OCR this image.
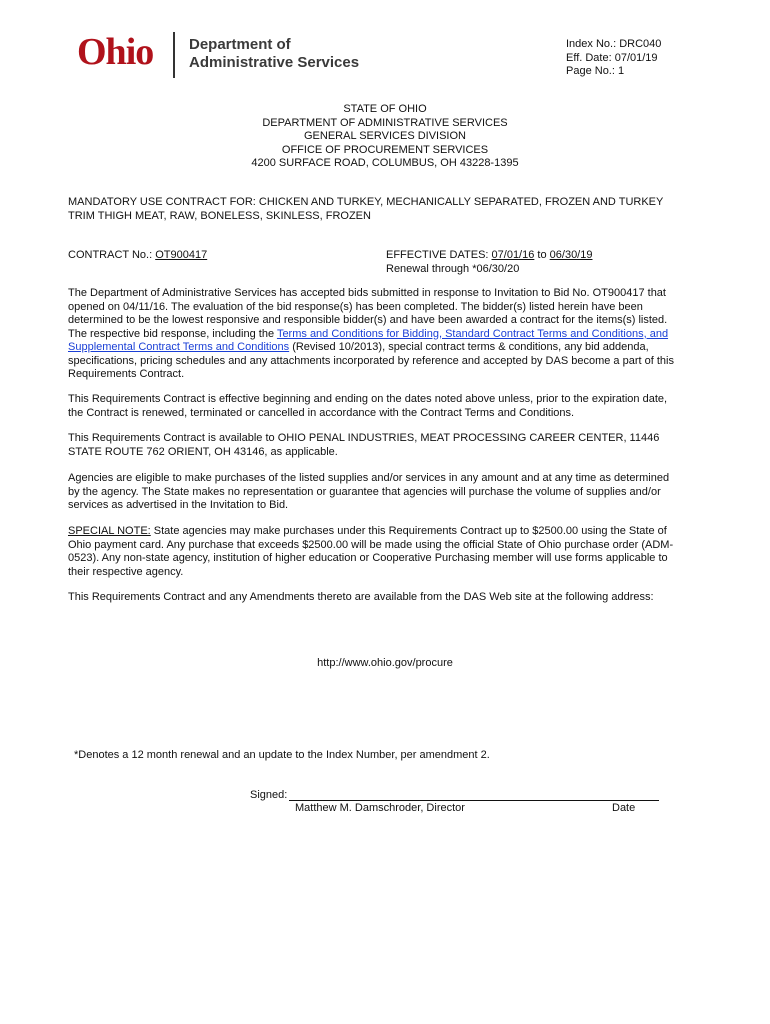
Ohio Department of
Administrative Services
Index No.: DRC040
Eff. Date: 07/01/19
Page No.: 1
STATE OF OHIO
DEPARTMENT OF ADMINISTRATIVE SERVICES
GENERAL SERVICES DIVISION
OFFICE OF PROCUREMENT SERVICES
4200 SURFACE ROAD, COLUMBUS, OH 43228-1395
MANDATORY USE CONTRACT FOR: CHICKEN AND TURKEY, MECHANICALLY SEPARATED, FROZEN AND TURKEY
TRIM THIGH MEAT, RAW, BONELESS, SKINLESS, FROZEN
CONTRACT No.: OT900417	EFFECTIVE DATES: 07/01/16 to 06/30/19
Renewal through *06/30/20
The Department of Administrative Services has accepted bids submitted in response to Invitation to Bid No. OT900417 that
opened on 04/11/16. The evaluation of the bid response(s) has been completed. The bidder(s) listed herein have been
determined to be the lowest responsive and responsible bidder(s) and have been awarded a contract for the items(s) listed.
The respective bid response, including the Terms and Conditions for Bidding, Standard Contract Terms and Conditions, and
Supplemental Contract Terms and Conditions (Revised 10/2013), special contract terms & conditions, any bid addenda,
specifications, pricing schedules and any attachments incorporated by reference and accepted by DAS become a part of this
Requirements Contract.
This Requirements Contract is effective beginning and ending on the dates noted above unless, prior to the expiration date,
the Contract is renewed, terminated or cancelled in accordance with the Contract Terms and Conditions.
This Requirements Contract is available to OHIO PENAL INDUSTRIES, MEAT PROCESSING CAREER CENTER, 11446
STATE ROUTE 762 ORIENT, OH 43146, as applicable.
Agencies are eligible to make purchases of the listed supplies and/or services in any amount and at any time as determined
by the agency. The State makes no representation or guarantee that agencies will purchase the volume of supplies and/or
services as advertised in the Invitation to Bid.
SPECIAL NOTE: State agencies may make purchases under this Requirements Contract up to $2500.00 using the State of
Ohio payment card. Any purchase that exceeds $2500.00 will be made using the official State of Ohio purchase order (ADM-
0523). Any non-state agency, institution of higher education or Cooperative Purchasing member will use forms applicable to
their respective agency.
This Requirements Contract and any Amendments thereto are available from the DAS Web site at the following address:
http://www.ohio.gov/procure
*Denotes a 12 month renewal and an update to the Index Number, per amendment 2.
Signed:
Matthew M. Damschroder, Director	Date
